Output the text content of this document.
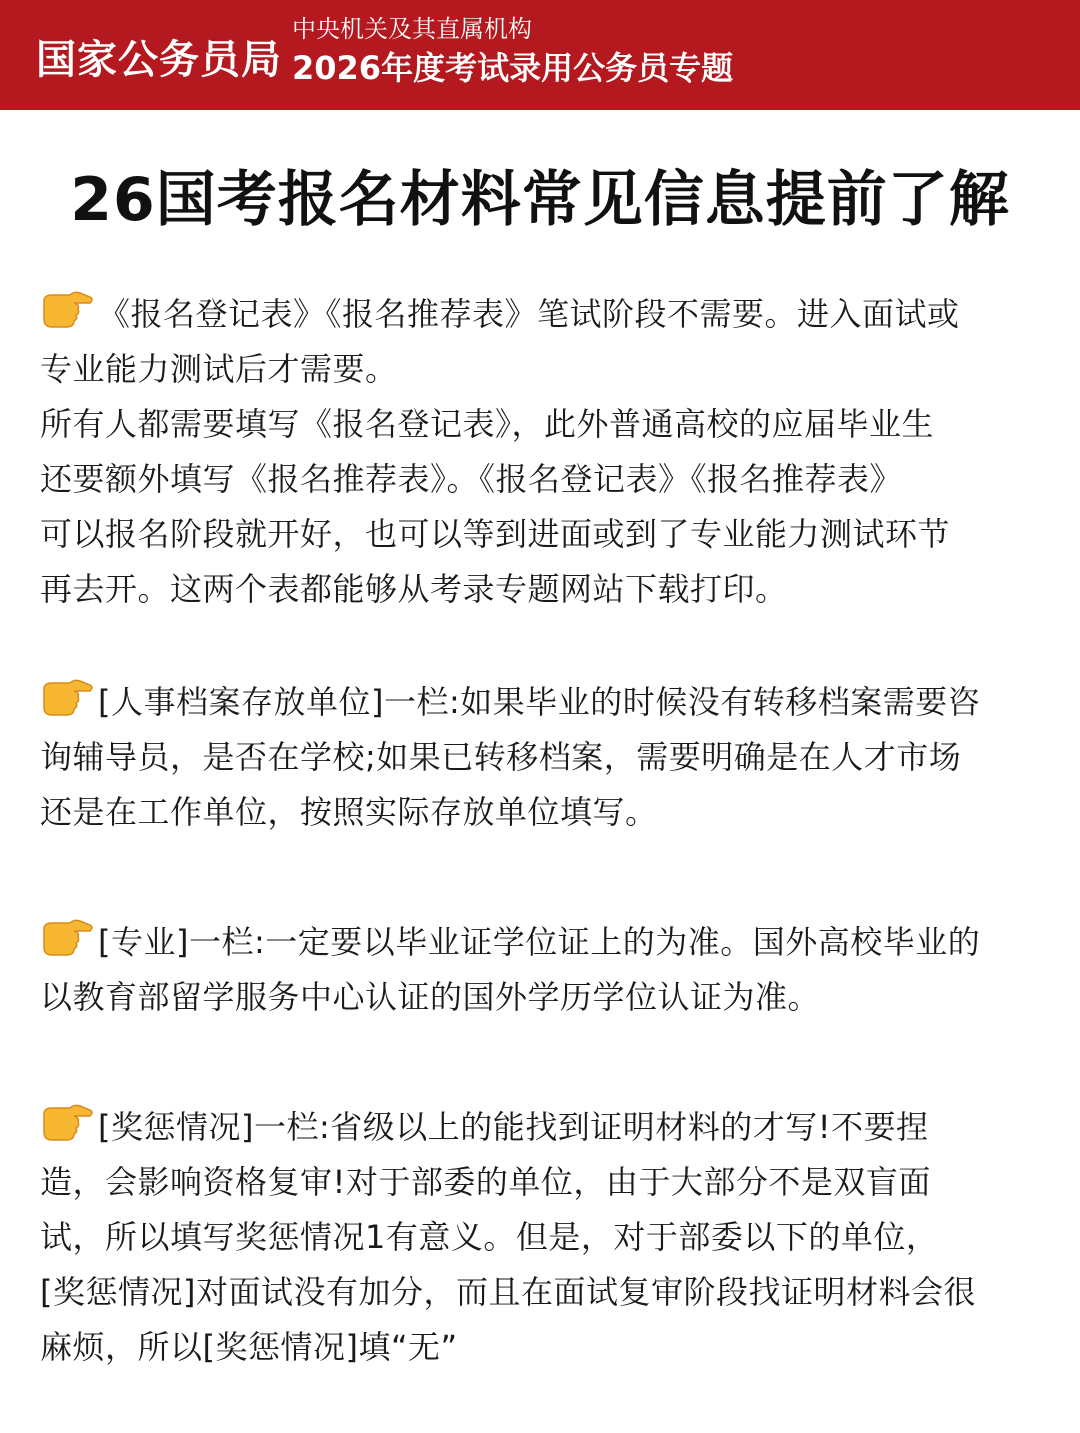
国家公务员局
中央机关及其直属机构
2026年度考试录用公务员专题
26国考报名材料常见信息提前了解
《报名登记表》《报名推荐表》笔试阶段不需要。进入面试或
专业能力测试后才需要。
所有人都需要填写《报名登记表》，此外普通高校的应届毕业生
还要额外填写《报名推荐表》。《报名登记表》《报名推荐表》
可以报名阶段就开好，也可以等到进面或到了专业能力测试环节
再去开。这两个表都能够从考录专题网站下载打印。
[人事档案存放单位]一栏:如果毕业的时候没有转移档案需要咨
询辅导员，是否在学校;如果已转移档案，需要明确是在人才市场
还是在工作单位，按照实际存放单位填写。
[专业]一栏:一定要以毕业证学位证上的为准。国外高校毕业的
以教育部留学服务中心认证的国外学历学位认证为准。
[奖惩情况]一栏:省级以上的能找到证明材料的才写!不要捏
造，会影响资格复审!对于部委的单位，由于大部分不是双盲面
试，所以填写奖惩情况1有意义。但是，对于部委以下的单位，
[奖惩情况]对面试没有加分，而且在面试复审阶段找证明材料会很
麻烦，所以[奖惩情况]填“无”
